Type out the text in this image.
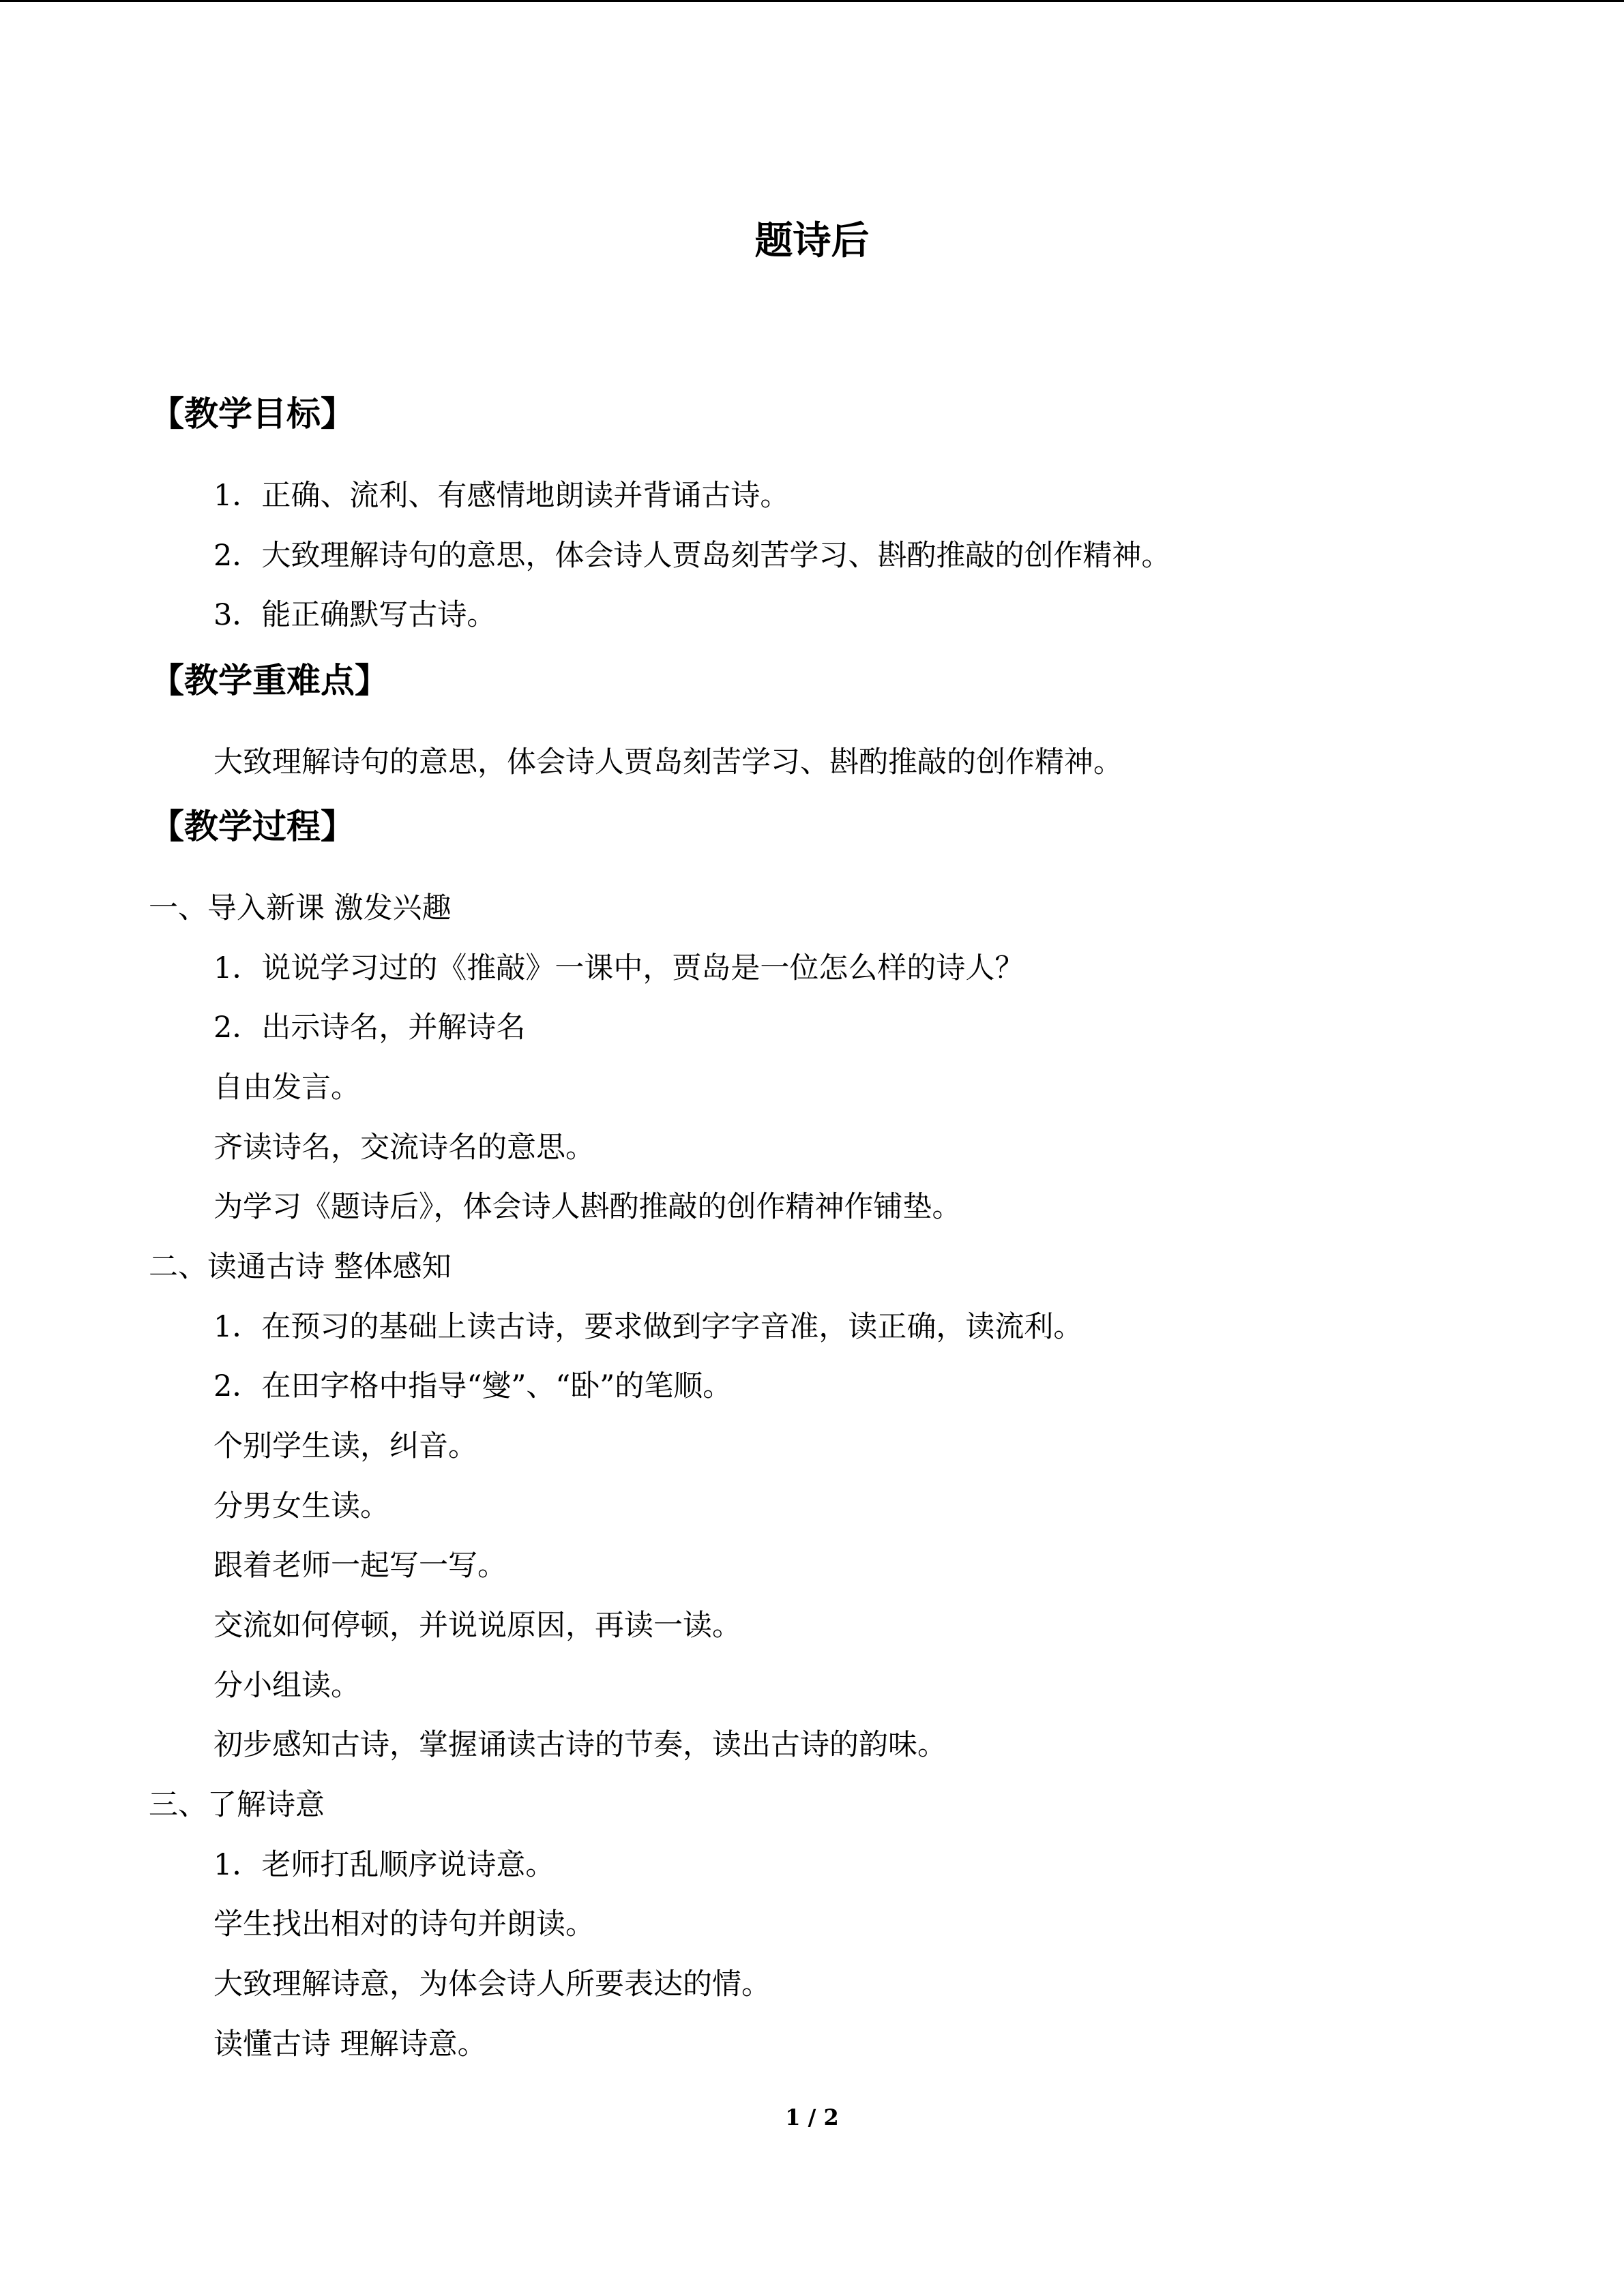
题诗后
【教学目标】
1．正确、流利、有感情地朗读并背诵古诗。
2．大致理解诗句的意思，体会诗人贾岛刻苦学习、斟酌推敲的创作精神。
3．能正确默写古诗。
【教学重难点】
大致理解诗句的意思，体会诗人贾岛刻苦学习、斟酌推敲的创作精神。
【教学过程】
一、导入新课 激发兴趣
1．说说学习过的《推敲》一课中，贾岛是一位怎么样的诗人？
2．出示诗名，并解诗名
自由发言。
齐读诗名，交流诗名的意思。
为学习《题诗后》，体会诗人斟酌推敲的创作精神作铺垫。
二、读通古诗 整体感知
1．在预习的基础上读古诗，要求做到字字音准，读正确，读流利。
2．在田字格中指导“燮”、“卧”的笔顺。
个别学生读，纠音。
分男女生读。
跟着老师一起写一写。
交流如何停顿，并说说原因，再读一读。
分小组读。
初步感知古诗，掌握诵读古诗的节奏，读出古诗的韵味。
三、了解诗意
1．老师打乱顺序说诗意。
学生找出相对的诗句并朗读。
大致理解诗意，为体会诗人所要表达的情。
读懂古诗 理解诗意。
1 / 2
